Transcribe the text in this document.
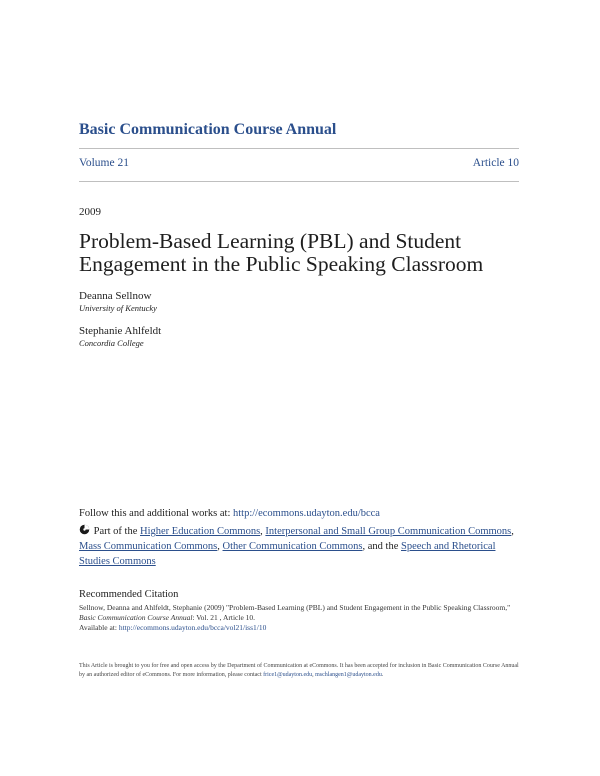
Basic Communication Course Annual
Volume 21	Article 10
2009
Problem-Based Learning (PBL) and Student Engagement in the Public Speaking Classroom
Deanna Sellnow
University of Kentucky
Stephanie Ahlfeldt
Concordia College
Follow this and additional works at: http://ecommons.udayton.edu/bcca
Part of the Higher Education Commons, Interpersonal and Small Group Communication Commons, Mass Communication Commons, Other Communication Commons, and the Speech and Rhetorical Studies Commons
Recommended Citation
Sellnow, Deanna and Ahlfeldt, Stephanie (2009) "Problem-Based Learning (PBL) and Student Engagement in the Public Speaking Classroom," Basic Communication Course Annual: Vol. 21 , Article 10.
Available at: http://ecommons.udayton.edu/bcca/vol21/iss1/10
This Article is brought to you for free and open access by the Department of Communication at eCommons. It has been accepted for inclusion in Basic Communication Course Annual by an authorized editor of eCommons. For more information, please contact frice1@udayton.edu, mschlangen1@udayton.edu.
